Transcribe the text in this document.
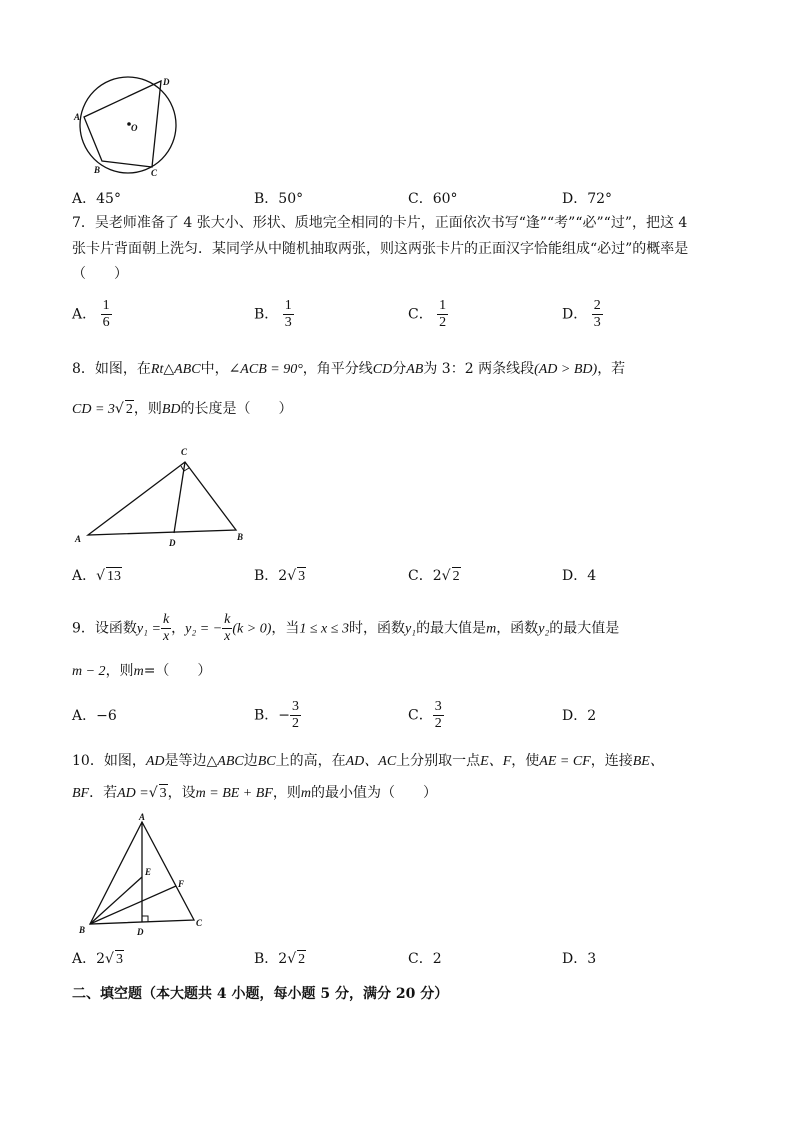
D
A
O
B	C
A．45°	B．50°	C．60°	D．72°
7．吴老师准备了 4 张大小、形状、质地完全相同的卡片，正面依次书写“逢”“考”“必”“过”，把这 4
张卡片背面朝上洗匀．某同学从中随机抽取两张，则这两张卡片的正面汉字恰能组成“必过”的概率是
（　　）
A． $\frac{1}{6}$	B． $\frac{1}{3}$	C． $\frac{1}{2}$	D． $\frac{2}{3}$
8．如图，在Rt△ABC中，∠ACB = 90°，角平分线CD分AB为 3：2 两条线段(AD > BD)，若
CD = 3√ 2，则BD的长度是（　　）
C
A	D
B
A．√ 13	B．2√ 3	C．2√ 2	D．4
9．设函数$y_1 = \frac{k}{x}$ ，y₂ = − $\frac{k}{x} (k > 0)$，当1 ≤ x ≤ 3时，函数y₁的最大值是m，函数y₂的最大值是
m − 2，则m=（　　）
A．−6	B．− $\frac{3}{2}$	C． $\frac{3}{2}$	D．2
10．如图，AD是等边△ABC边BC上的高，在AD、AC上分别取一点E、F，使AE = CF，连接BE、
BF．若AD =√ 3，设m = BE + BF，则m的最小值为（　　）
A
E
F
B	D
C
A．2√ 3	B．2√ 2	C．2	D．3
二、填空题（本大题共 4 小题，每小题 5 分，满分 20 分）
